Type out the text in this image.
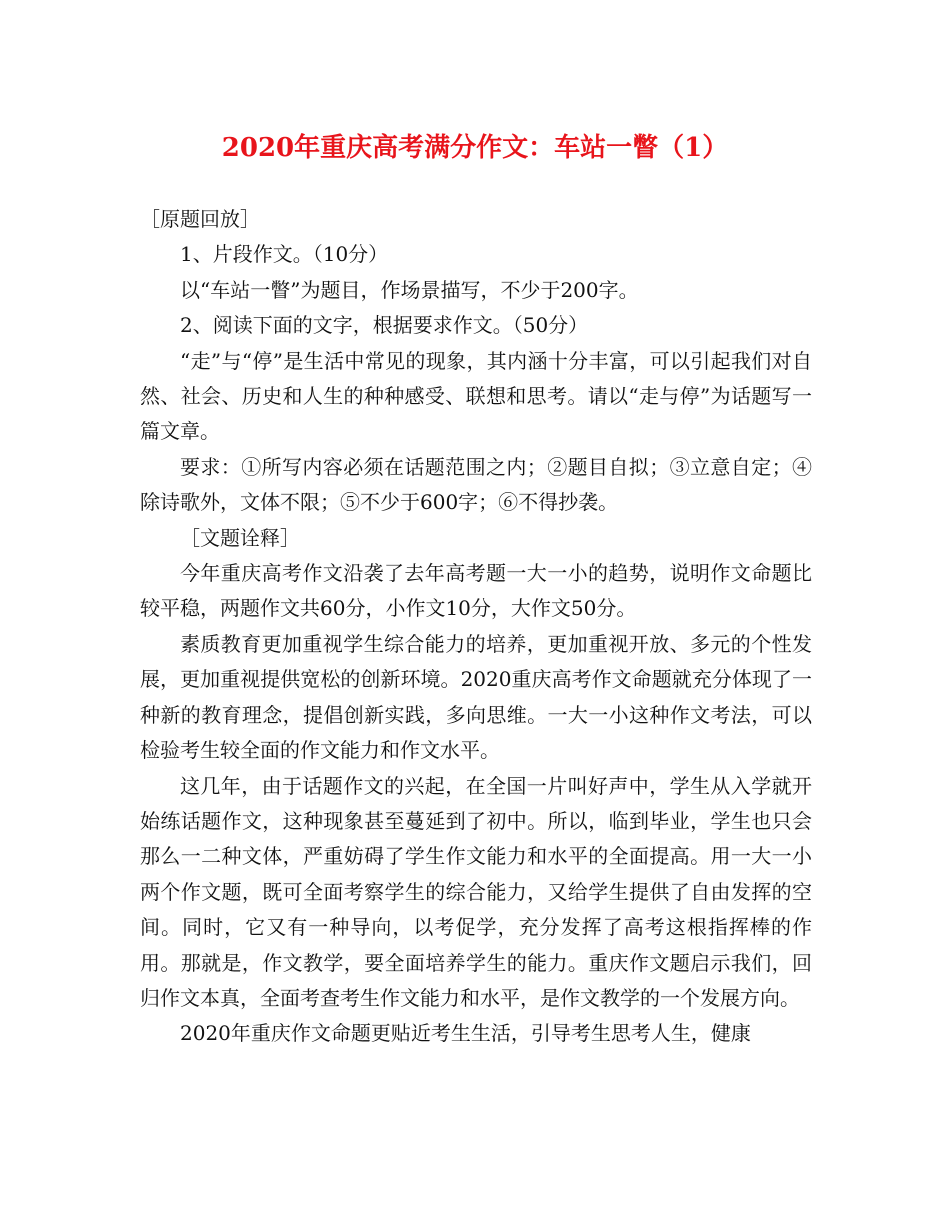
2020年重庆高考满分作文：车站一瞥（1）

［原题回放］

1、片段作文。（10分）

以“车站一瞥”为题目，作场景描写，不少于200字。

2、阅读下面的文字，根据要求作文。（50分）

“走”与“停”是生活中常见的现象，其内涵十分丰富，可以引起我们对自然、社会、历史和人生的种种感受、联想和思考。请以“走与停”为话题写一篇文章。

要求：①所写内容必须在话题范围之内；②题目自拟；③立意自定；④除诗歌外，文体不限；⑤不少于600字；⑥不得抄袭。

［文题诠释］

今年重庆高考作文沿袭了去年高考题一大一小的趋势，说明作文命题比较平稳，两题作文共60分，小作文10分，大作文50分。

素质教育更加重视学生综合能力的培养，更加重视开放、多元的个性发展，更加重视提供宽松的创新环境。2020重庆高考作文命题就充分体现了一种新的教育理念，提倡创新实践，多向思维。一大一小这种作文考法，可以检验考生较全面的作文能力和作文水平。

这几年，由于话题作文的兴起，在全国一片叫好声中，学生从入学就开始练话题作文，这种现象甚至蔓延到了初中。所以，临到毕业，学生也只会那么一二种文体，严重妨碍了学生作文能力和水平的全面提高。用一大一小两个作文题，既可全面考察学生的综合能力，又给学生提供了自由发挥的空间。同时，它又有一种导向，以考促学，充分发挥了高考这根指挥棒的作用。那就是，作文教学，要全面培养学生的能力。重庆作文题启示我们，回归作文本真，全面考查考生作文能力和水平，是作文教学的一个发展方向。

2020年重庆作文命题更贴近考生生活，引导考生思考人生，健康
